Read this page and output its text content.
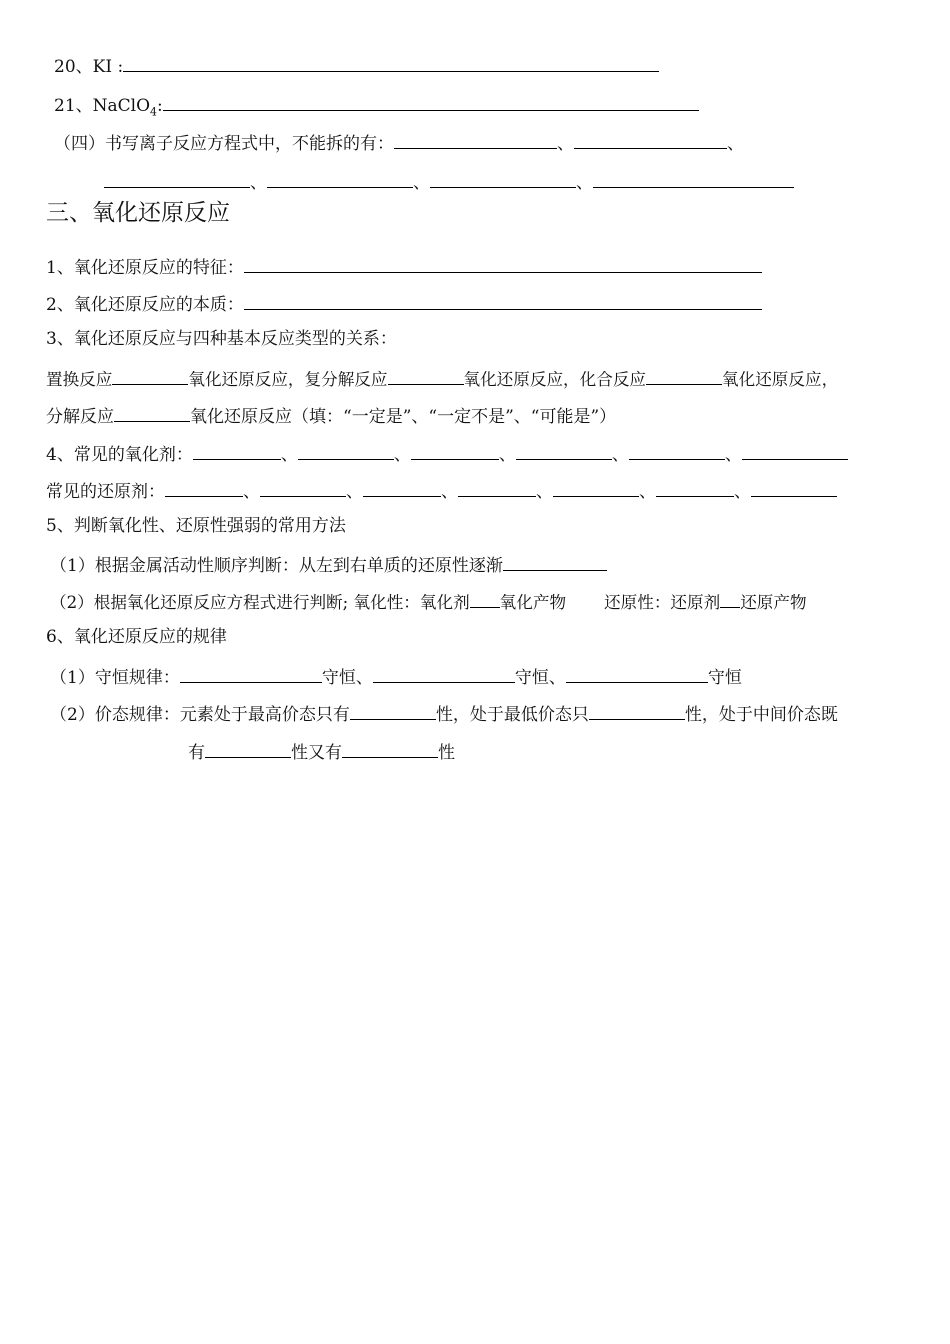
20、KI :
21、NaClO$_4$:
（四）书写离子反应方程式中，不能拆的有：	、	、
、	、	、
三、氧化还原反应
1、氧化还原反应的特征：
2、氧化还原反应的本质：
3、氧化还原反应与四种基本反应类型的关系：
置换反应	氧化还原反应，复分解反应	氧化还原反应，化合反应	氧化还原反应，
分解反应	氧化还原反应（填：“一定是”、“一定不是”、“可能是”）
4、常见的氧化剂：	、	、	、	、	、
常见的还原剂：	、	、	、	、	、	、
5、判断氧化性、还原性强弱的常用方法
（1）根据金属活动性顺序判断：从左到右单质的还原性逐渐
（2）根据氧化还原反应方程式进行判断; 氧化性：氧化剂 氧化产物 还原性：还原剂 还原产物
6、氧化还原反应的规律
（1）守恒规律：	守恒、	守恒、	守恒
（2）价态规律：元素处于最高价态只有	性，处于最低价态只	性，处于中间价态既
有	性又有	性
